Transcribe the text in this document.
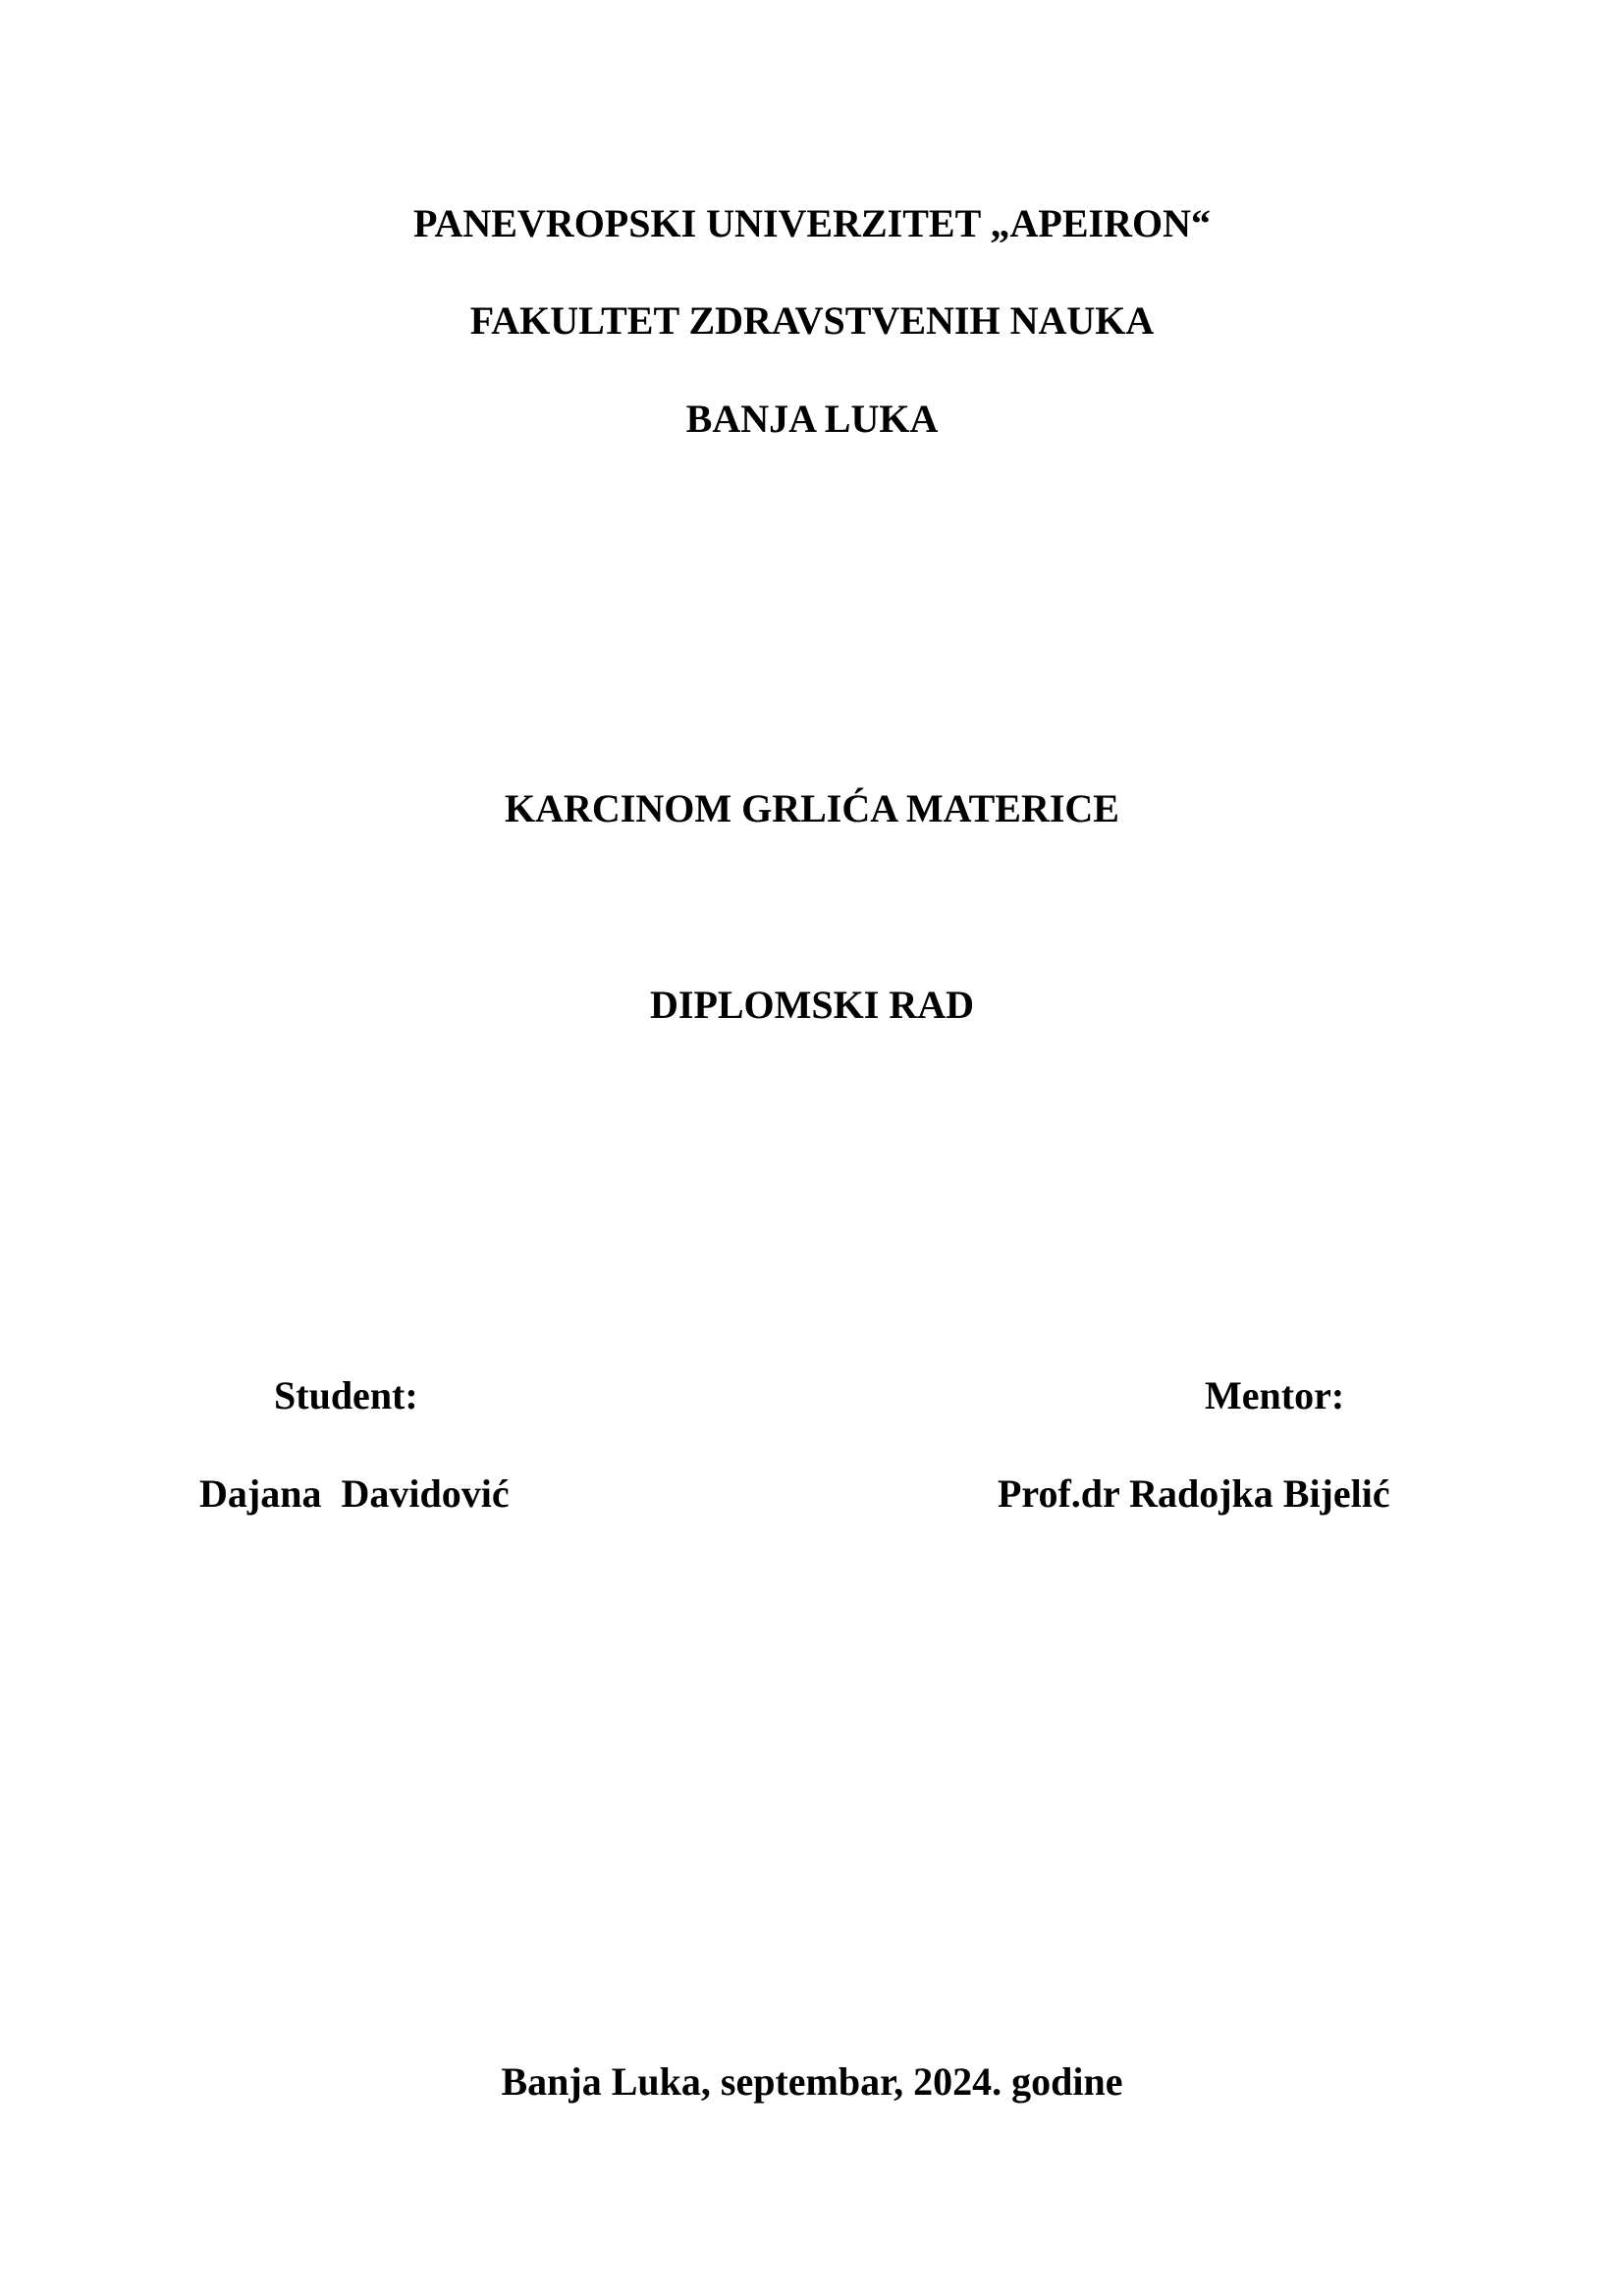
PANEVROPSKI UNIVERZITET „APEIRON“
FAKULTET ZDRAVSTVENIH NAUKA
BANJA LUKA
KARCINOM GRLIĆA MATERICE
DIPLOMSKI RAD
Student:
Dajana  Davidović
Mentor:
Prof.dr Radojka Bijelić
Banja Luka, septembar, 2024. godine
